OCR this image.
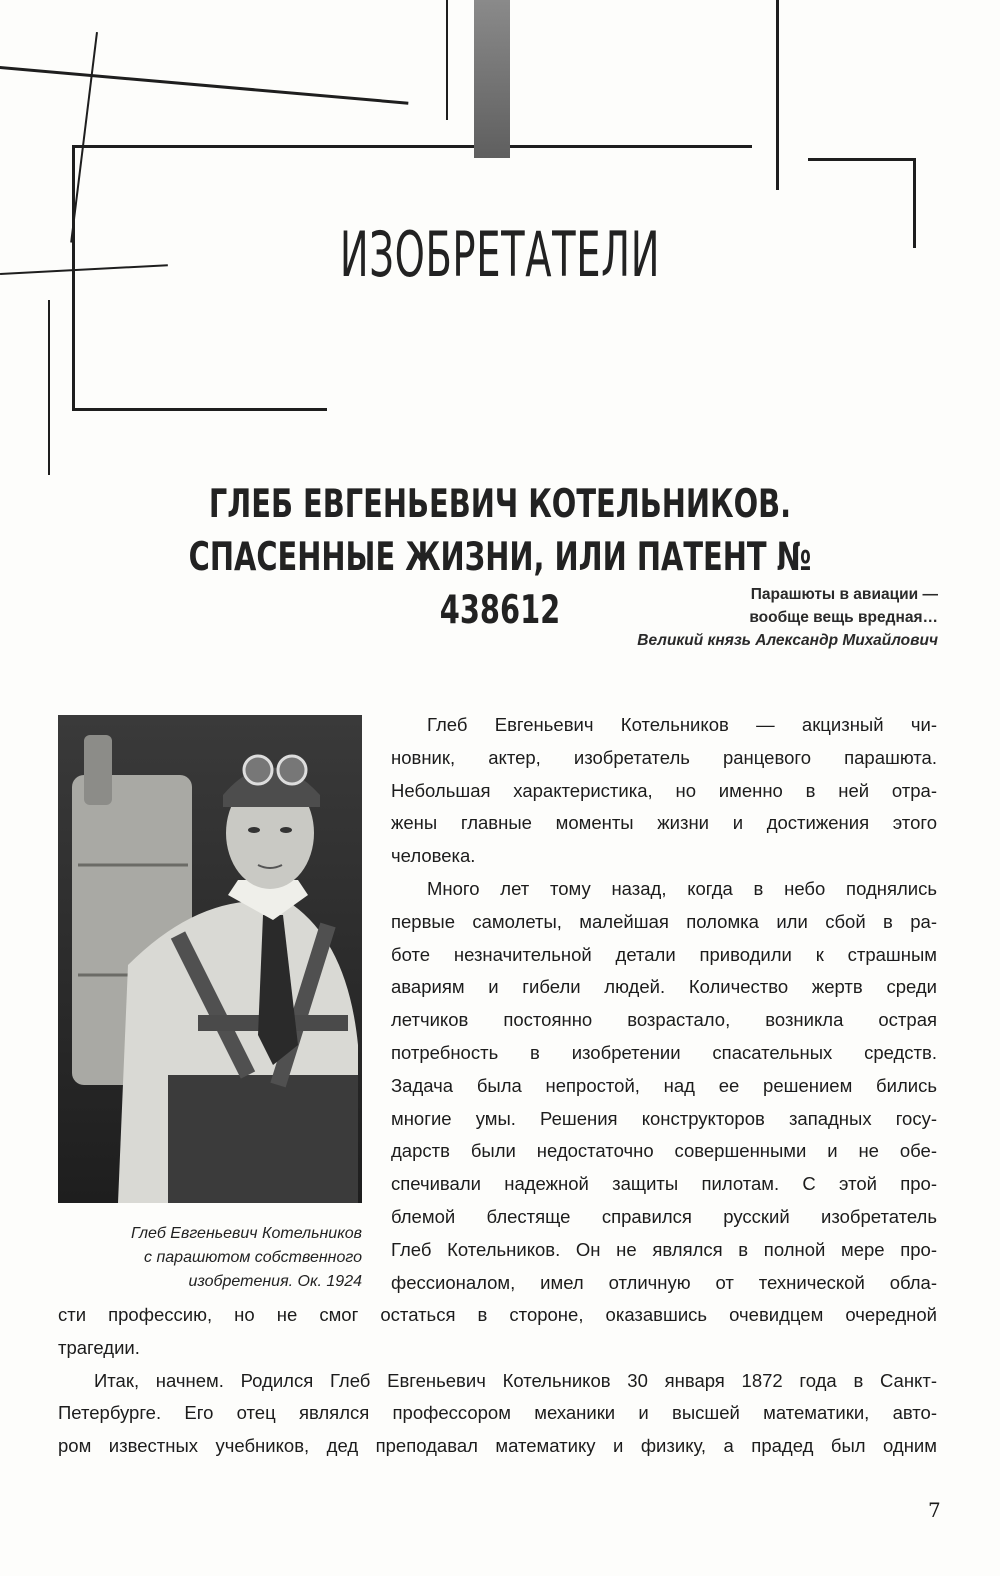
ИЗОБРЕТАТЕЛИ
ГЛЕБ ЕВГЕНЬЕВИЧ КОТЕЛЬНИКОВ.
СПАСЕННЫЕ ЖИЗНИ, ИЛИ ПАТЕНТ № 438612	Парашюты в авиации —
вообще вещь вредная…
Великий князь Александр Михайлович
Глеб Евгеньевич Котельников
с парашютом собственного
изобретения. Ок. 1924
Глеб Евгеньевич Котельников — акцизный чи-
новник, актер, изобретатель ранцевого парашюта.
Небольшая характеристика, но именно в ней отра-
жены главные моменты жизни и достижения этого
человека.
Много лет тому назад, когда в небо поднялись
первые самолеты, малейшая поломка или сбой в ра-
боте незначительной детали приводили к страшным
авариям и гибели людей. Количество жертв среди
летчиков постоянно возрастало, возникла острая
потребность в изобретении спасательных средств.
Задача была непростой, над ее решением бились
многие умы. Решения конструкторов западных госу-
дарств были недостаточно совершенными и не обе-
спечивали надежной защиты пилотам. С этой про-
блемой блестяще справился русский изобретатель
Глеб Котельников. Он не являлся в полной мере про-
фессионалом, имел отличную от технической обла-
сти профессию, но не смог остаться в стороне, оказавшись очевидцем очередной
трагедии.
Итак, начнем. Родился Глеб Евгеньевич Котельников 30 января 1872 года в Санкт-
Петербурге. Его отец являлся профессором механики и высшей математики, авто-
ром известных учебников, дед преподавал математику и физику, а прадед был одним
7
